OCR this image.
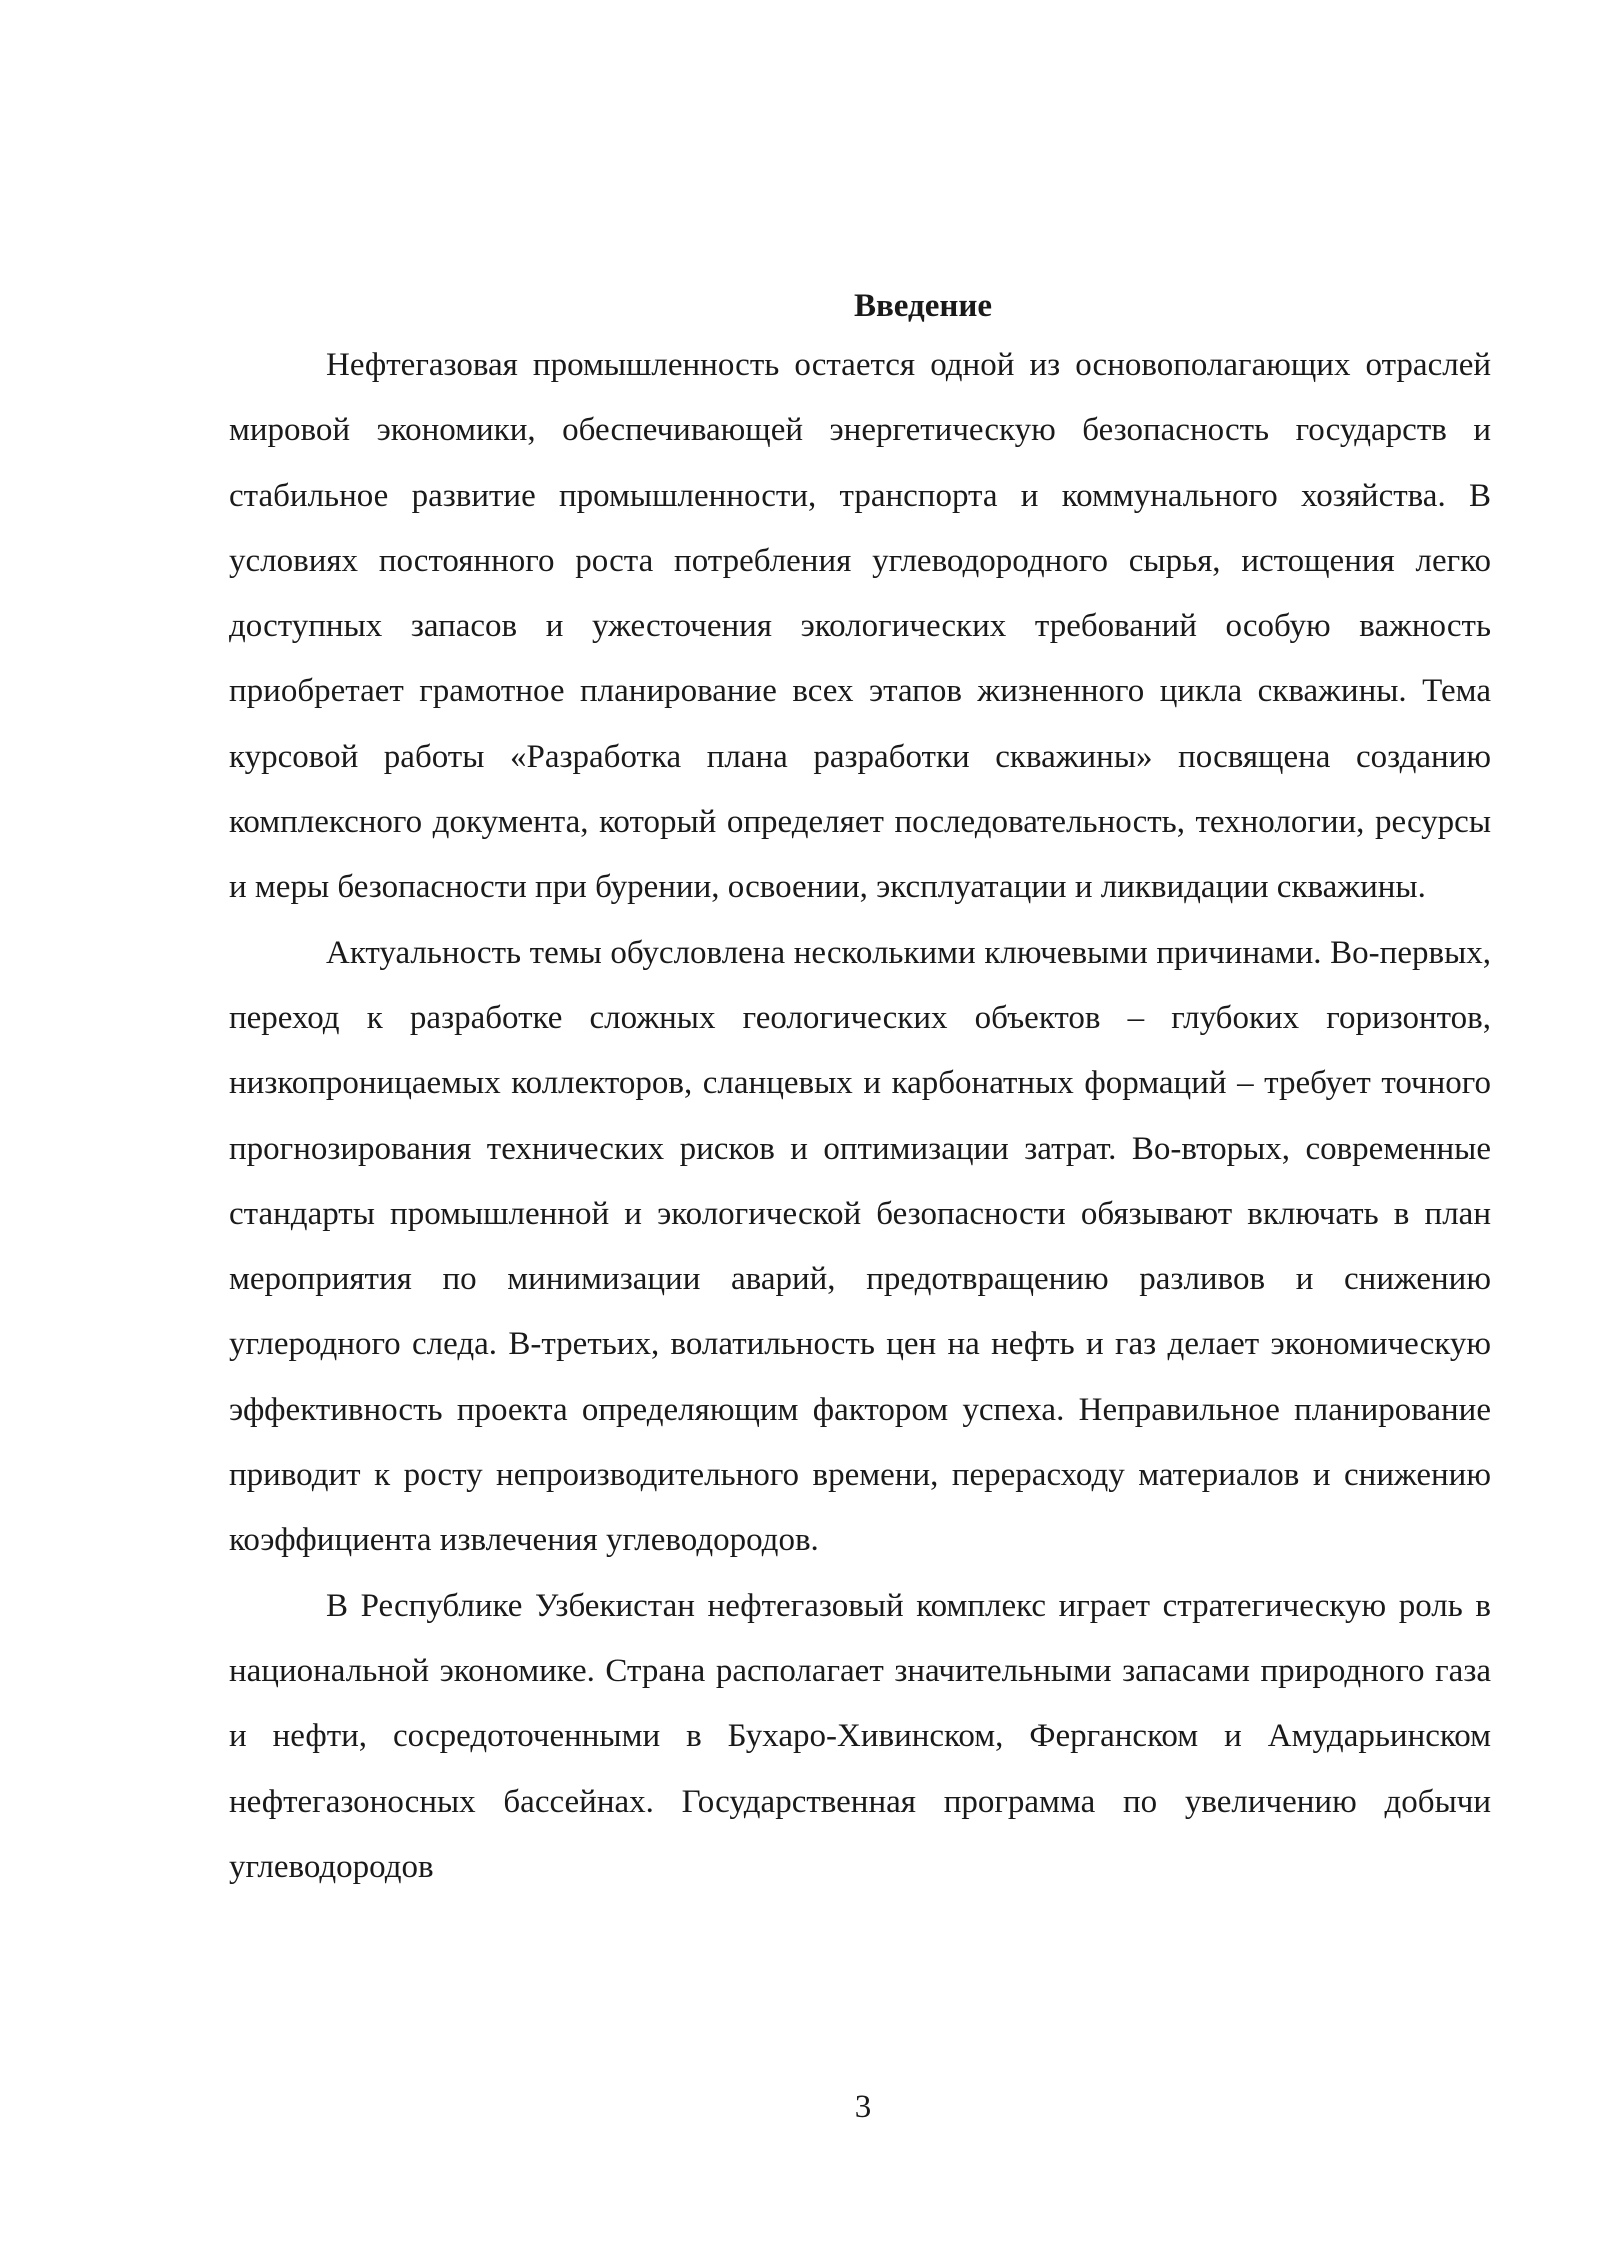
Введение

Нефтегазовая промышленность остается одной из основополагающих отраслей мировой экономики, обеспечивающей энергетическую безопасность государств и стабильное развитие промышленности, транспорта и коммунального хозяйства. В условиях постоянного роста потребления углеводородного сырья, истощения легко доступных запасов и ужесточения экологических требований особую важность приобретает грамотное планирование всех этапов жизненного цикла скважины. Тема курсовой работы «Разработка плана разработки скважины» посвящена созданию комплексного документа, который определяет последовательность, технологии, ресурсы и меры безопасности при бурении, освоении, эксплуатации и ликвидации скважины.

Актуальность темы обусловлена несколькими ключевыми причинами. Во-первых, переход к разработке сложных геологических объектов – глубоких горизонтов, низкопроницаемых коллекторов, сланцевых и карбонатных формаций – требует точного прогнозирования технических рисков и оптимизации затрат. Во-вторых, современные стандарты промышленной и экологической безопасности обязывают включать в план мероприятия по минимизации аварий, предотвращению разливов и снижению углеродного следа. В-третьих, волатильность цен на нефть и газ делает экономическую эффективность проекта определяющим фактором успеха. Неправильное планирование приводит к росту непроизводительного времени, перерасходу материалов и снижению коэффициента извлечения углеводородов.

В Республике Узбекистан нефтегазовый комплекс играет стратегическую роль в национальной экономике. Страна располагает значительными запасами природного газа и нефти, сосредоточенными в Бухаро-Хивинском, Ферганском и Амударьинском нефтегазоносных бассейнах. Государственная программа по увеличению добычи углеводородов

3
